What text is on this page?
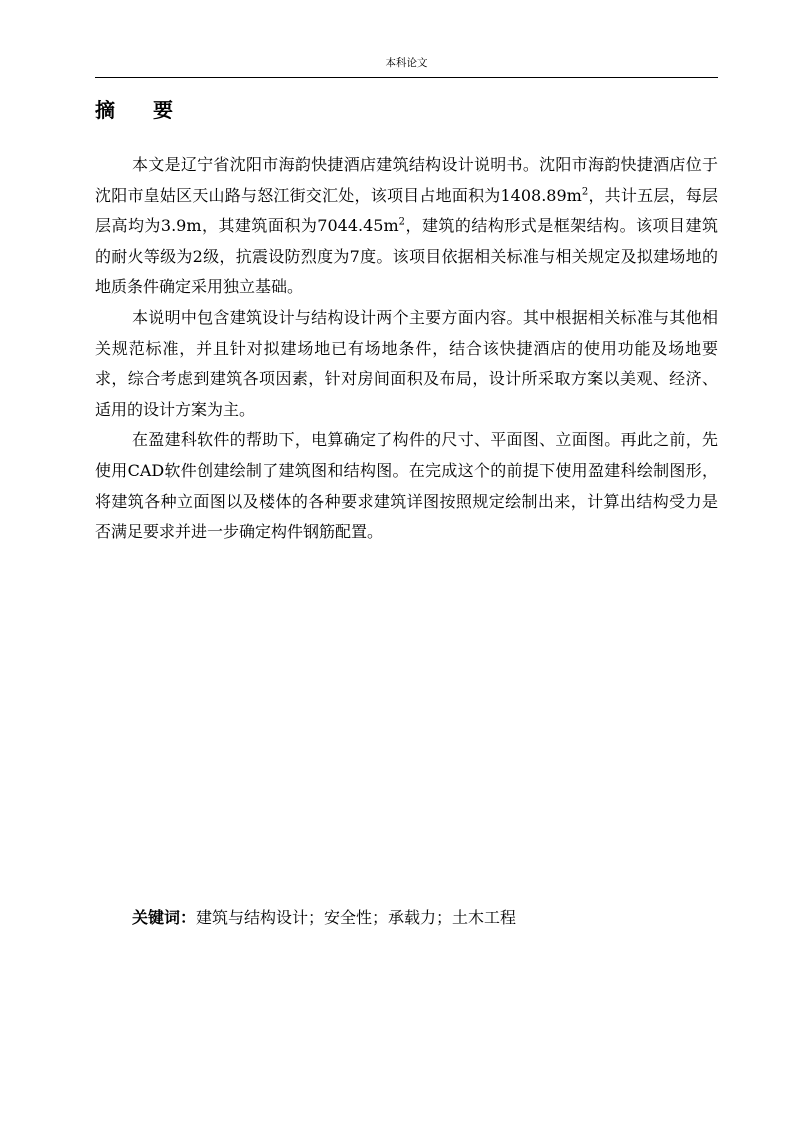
本科论文
摘 要

本文是辽宁省沈阳市海韵快捷酒店建筑结构设计说明书。沈阳市海韵快捷酒店位于沈阳市皇姑区天山路与怒江街交汇处，该项目占地面积为$1408.89m^2$，共计五层，每层层高均为3.9m，其建筑面积为$7044.45m^2$，建筑的结构形式是框架结构。该项目建筑的耐火等级为2级，抗震设防烈度为7度。该项目依据相关标准与相关规定及拟建场地的地质条件确定采用独立基础。

本说明中包含建筑设计与结构设计两个主要方面内容。其中根据相关标准与其他相关规范标准，并且针对拟建场地已有场地条件，结合该快捷酒店的使用功能及场地要求，综合考虑到建筑各项因素，针对房间面积及布局，设计所采取方案以美观、经济、适用的设计方案为主。

在盈建科软件的帮助下，电算确定了构件的尺寸、平面图、立面图。再此之前，先使用CAD软件创建绘制了建筑图和结构图。在完成这个的前提下使用盈建科绘制图形，将建筑各种立面图以及楼体的各种要求建筑详图按照规定绘制出来，计算出结构受力是否满足要求并进一步确定构件钢筋配置。

关键词：建筑与结构设计；安全性；承载力；土木工程
